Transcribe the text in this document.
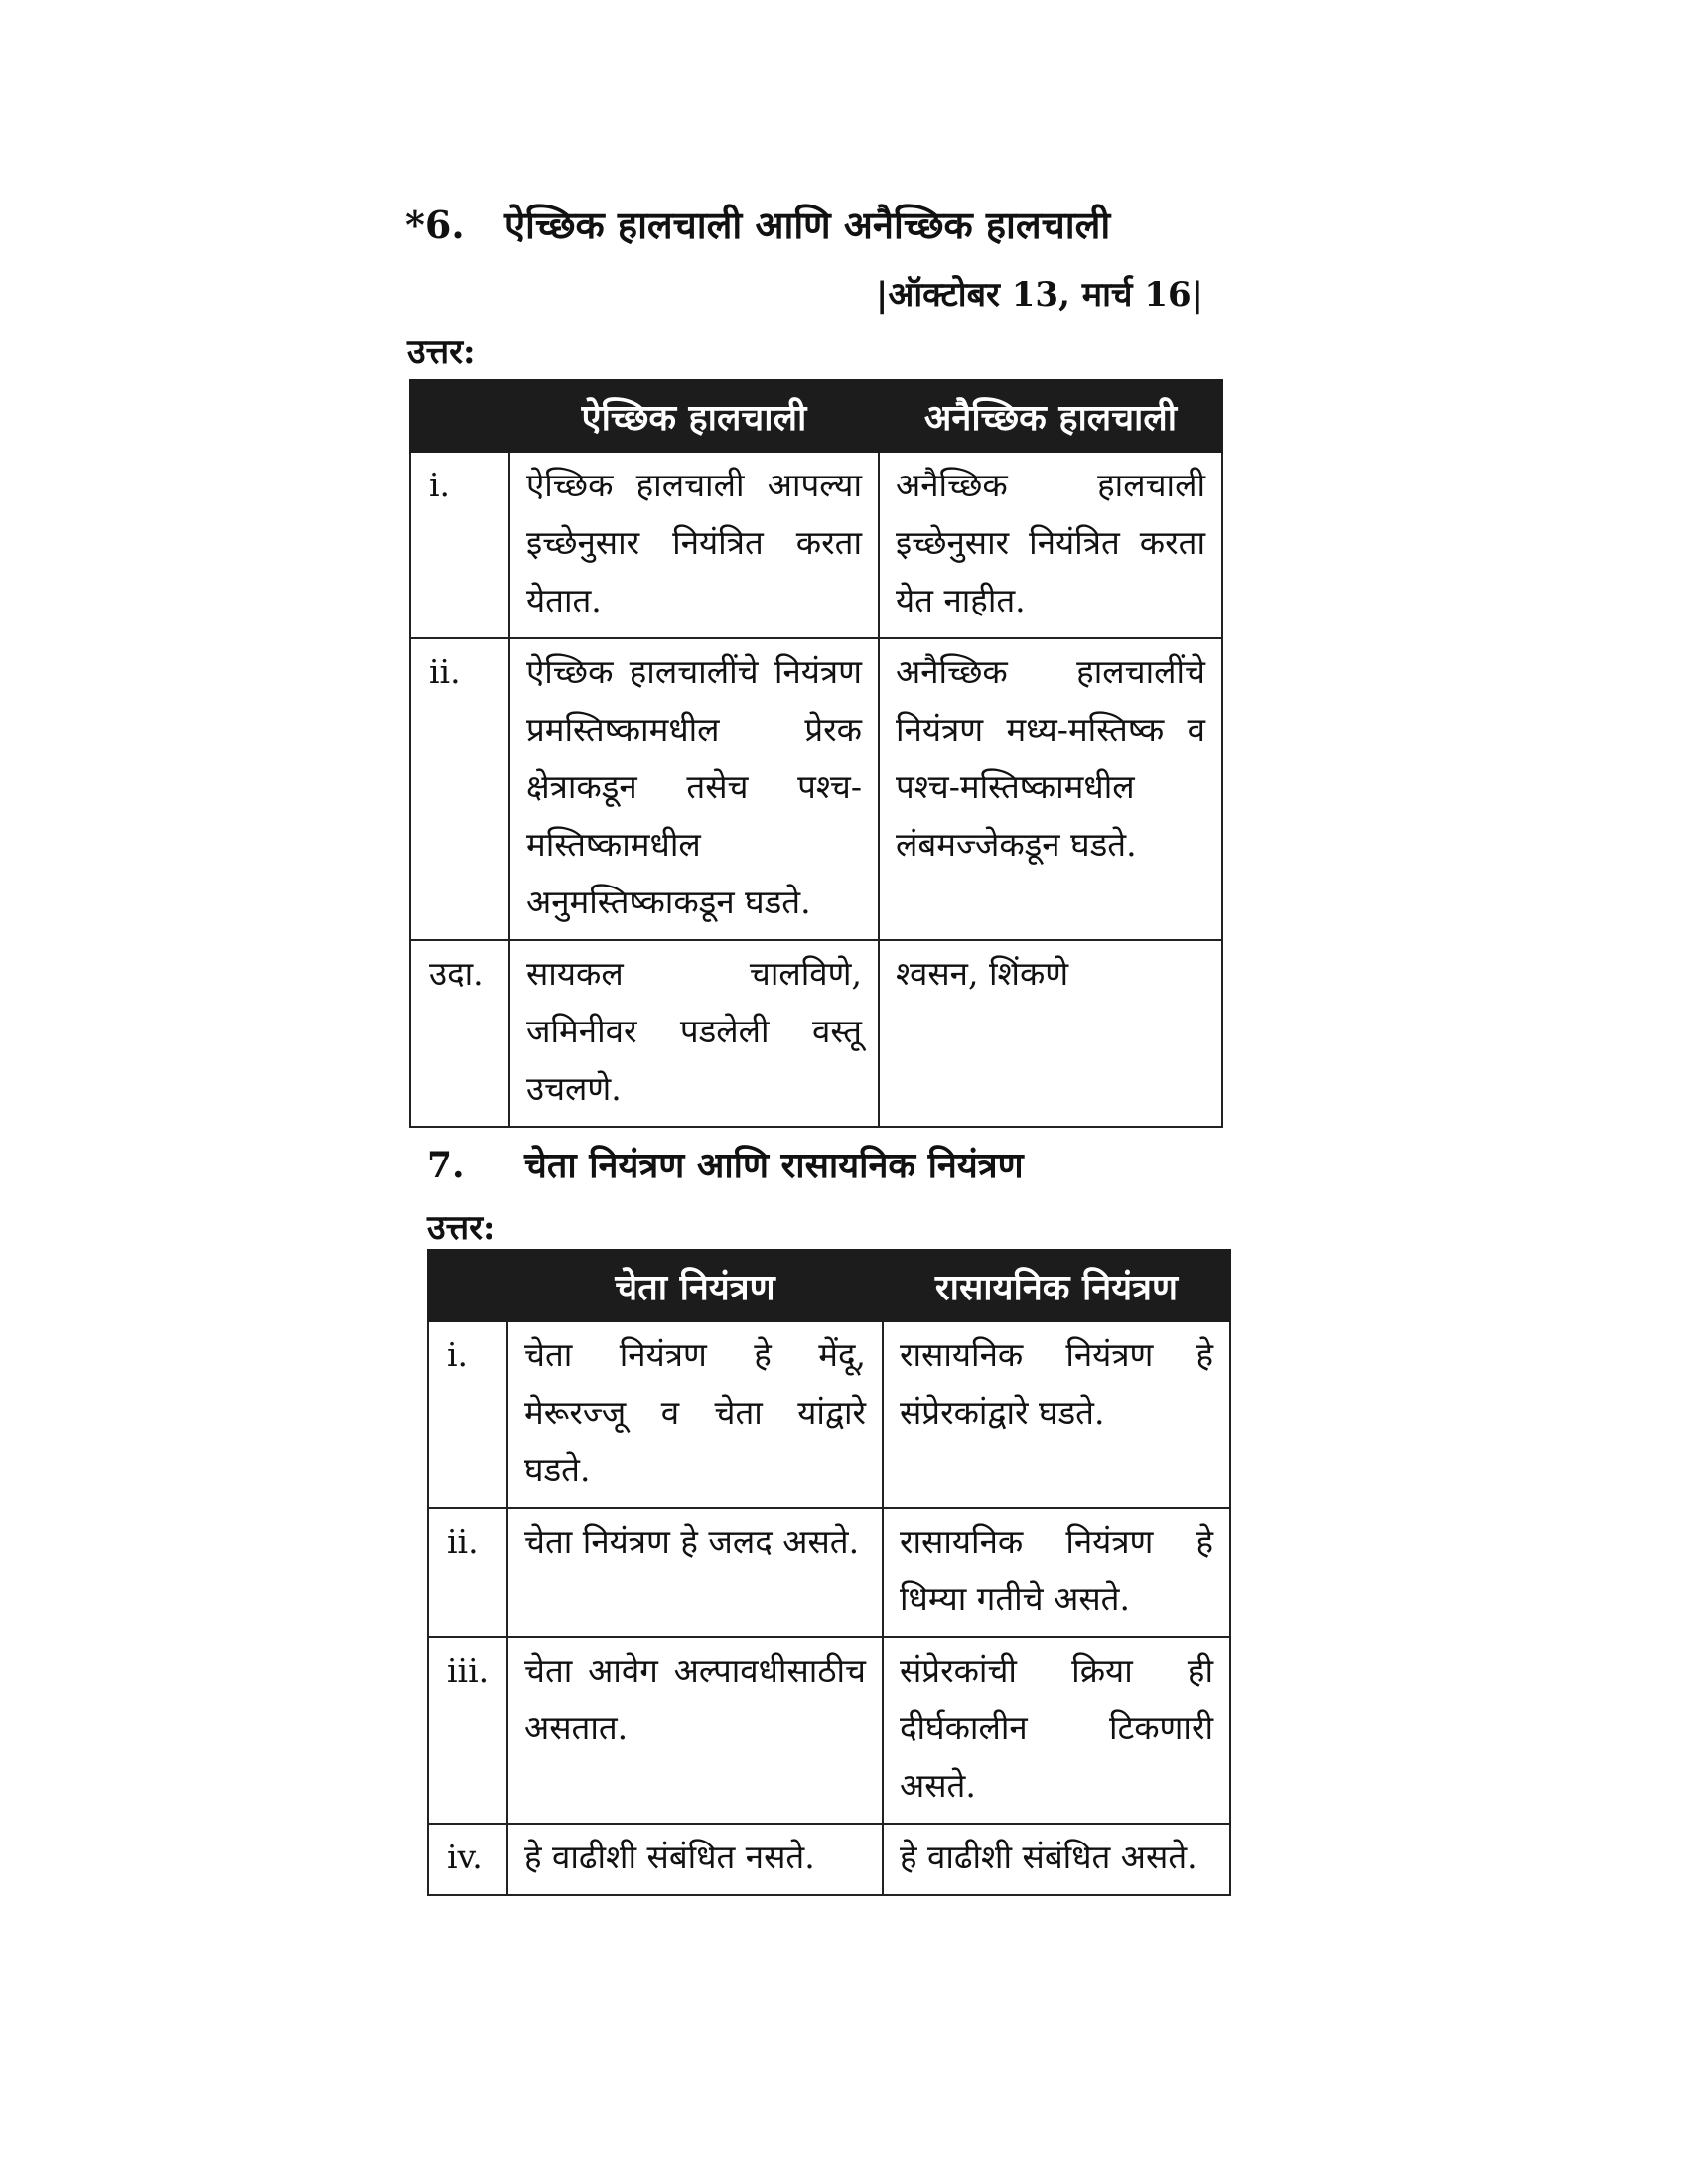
*6. ऐच्छिक हालचाली आणि अनैच्छिक हालचाली
|ऑक्टोबर 13, मार्च 16|
उत्तर:
	ऐच्छिक हालचाली	अनैच्छिक हालचाली
i.	ऐच्छिक हालचाली आपल्या इच्छेनुसार नियंत्रित करता येतात.	अनैच्छिक हालचाली इच्छेनुसार नियंत्रित करता येत नाहीत.
ii.	ऐच्छिक हालचालींचे नियंत्रण प्रमस्तिष्कामधील प्रेरक क्षेत्राकडून तसेच पश्च-मस्तिष्कामधील अनुमस्तिष्काकडून घडते.	अनैच्छिक हालचालींचे नियंत्रण मध्य-मस्तिष्क व पश्च-मस्तिष्कामधील लंबमज्जेकडून घडते.
उदा.	सायकल चालविणे, जमिनीवर पडलेली वस्तू उचलणे.	श्वसन, शिंकणे
7. चेता नियंत्रण आणि रासायनिक नियंत्रण
उत्तर:
	चेता नियंत्रण	रासायनिक नियंत्रण
i.	चेता नियंत्रण हे मेंदू, मेरूरज्जू व चेता यांद्वारे घडते.	रासायनिक नियंत्रण हे संप्रेरकांद्वारे घडते.
ii.	चेता नियंत्रण हे जलद असते.	रासायनिक नियंत्रण हे धिम्या गतीचे असते.
iii.	चेता आवेग अल्पावधीसाठीच असतात.	संप्रेरकांची क्रिया ही दीर्घकालीन टिकणारी असते.
iv.	हे वाढीशी संबंधित नसते.	हे वाढीशी संबंधित असते.
